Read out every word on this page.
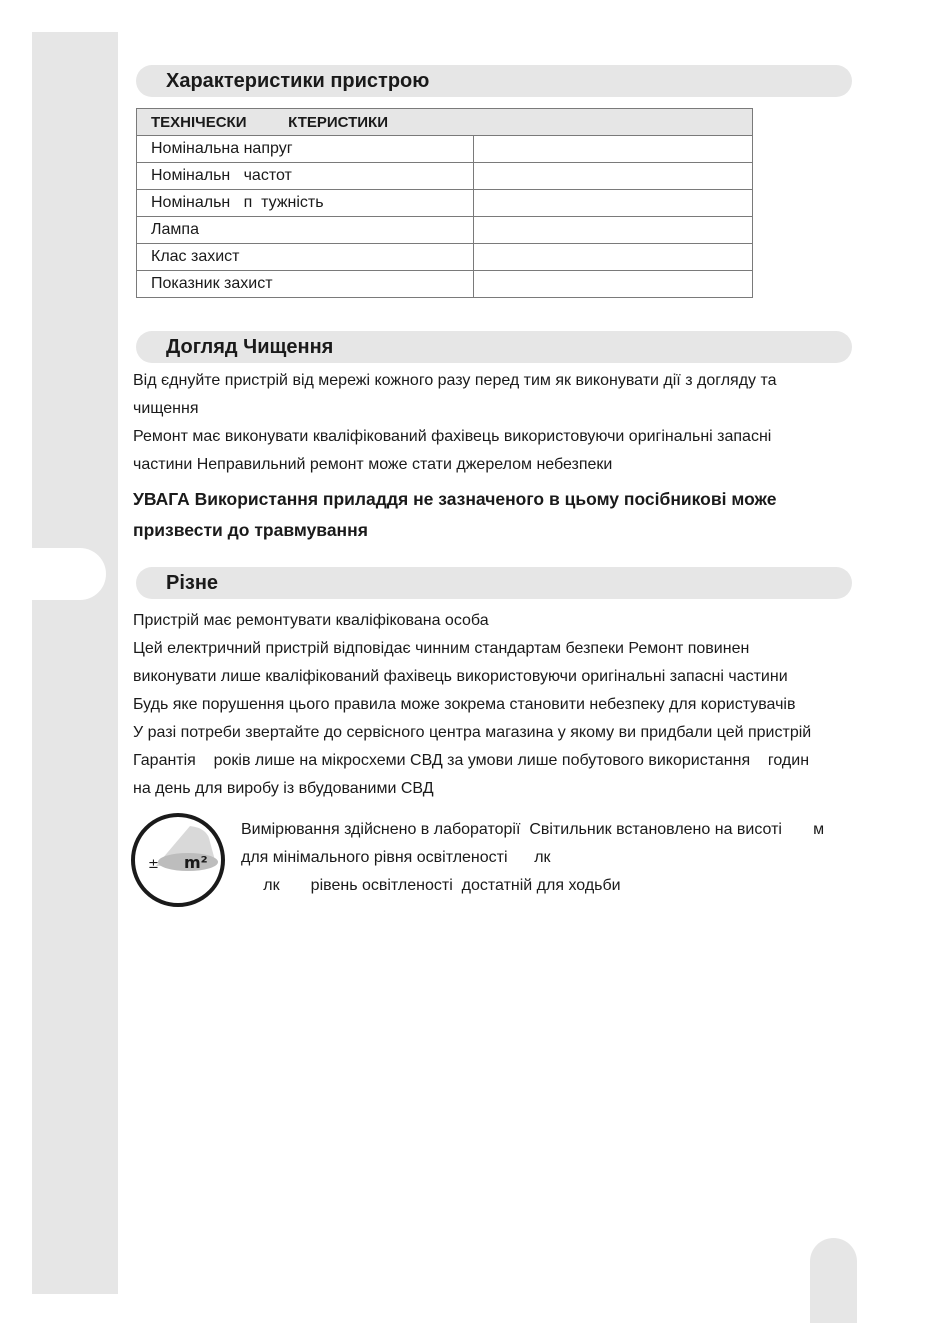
Характеристики пристрою
ТЕХНІЧЕСКИ          КТЕРИСТИКИ	
Номінальна напруг	
Номінальн   частот	
Номінальн   п  тужність	
Лампа	
Клас захист	
Показник захист	
Догляд Чищення

Від єднуйте пристрій від мережі кожного разу перед тим як виконувати дії з догляду та

чищення

Ремонт має виконувати кваліфікований фахівець використовуючи оригінальні запасні

частини Неправильний ремонт може стати джерелом небезпеки

УВАГА Використання приладдя не зазначеного в цьому посібникові може
призвести до травмування
Різне

Пристрій має ремонтувати кваліфікована особа

Цей електричний пристрій відповідає чинним стандартам безпеки Ремонт повинен

виконувати лише кваліфікований фахівець використовуючи оригінальні запасні частини

Будь яке порушення цього правила може зокрема становити небезпеку для користувачів

У разі потреби звертайте до сервісного центра магазина у якому ви придбали цей пристрій

Гарантія    років лише на мікросхеми СВД за умови лише побутового використання    годин

на день для виробу із вбудованими СВД

± m²

Вимірювання здійснено в лабораторії  Світильник встановлено на висоті       м

для мінімального рівня освітленості      лк

лк       рівень освітленості  достатній для ходьби
